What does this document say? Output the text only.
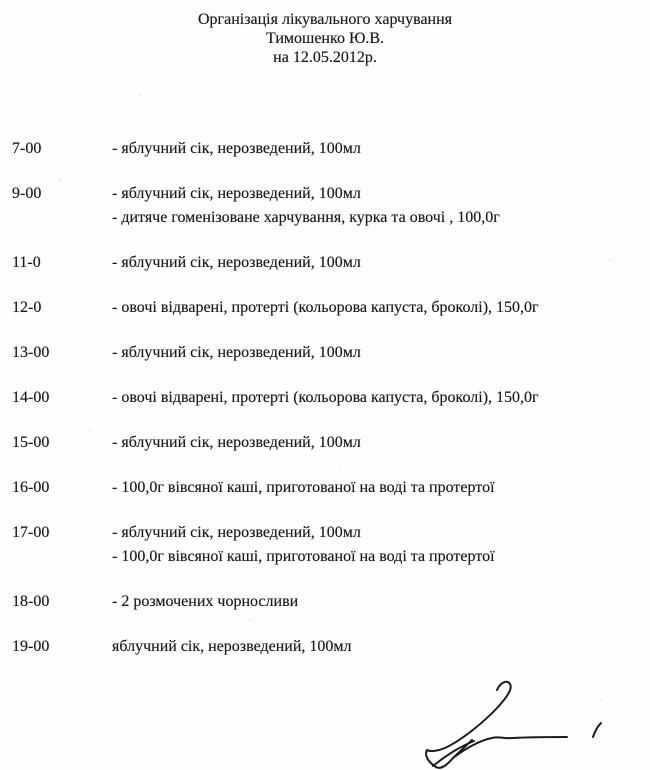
Організація лікувального харчування
Тимошенко Ю.В.
на 12.05.2012р.
7-00	- яблучний сік, нерозведений, 100мл
9-00	- яблучний сік, нерозведений, 100мл
- дитяче гоменізоване харчування, курка та овочі , 100,0г
11-0	- яблучний сік, нерозведений, 100мл
12-0	- овочі відварені, протерті (кольорова капуста, броколі), 150,0г
13-00	- яблучний сік, нерозведений, 100мл
14-00	- овочі відварені, протерті (кольорова капуста, броколі), 150,0г
15-00	- яблучний сік, нерозведений, 100мл
16-00	- 100,0г вівсяної каші, приготованої на воді та протертої
17-00	- яблучний сік, нерозведений, 100мл
- 100,0г вівсяної каші, приготованої на воді та протертої
18-00	- 2 розмочених чорносливи
19-00	яблучний сік, нерозведений, 100мл
